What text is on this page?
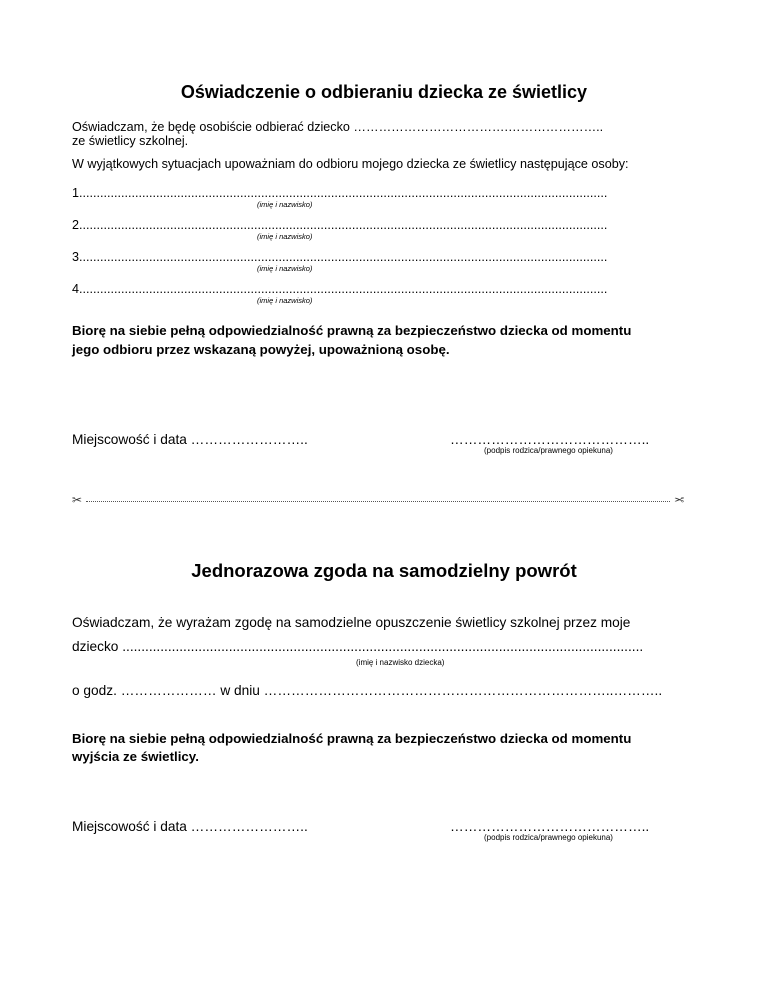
Oświadczenie o odbieraniu dziecka ze świetlicy
Oświadczam, że będę osobiście odbierać dziecko ……………………………….…………………..
ze świetlicy szkolnej.
W wyjątkowych sytuacjach upoważniam do odbioru mojego dziecka ze świetlicy następujące osoby:
1.......................................................................................................................................................
(imię i nazwisko)
2.......................................................................................................................................................
(imię i nazwisko)
3.......................................................................................................................................................
(imię i nazwisko)
4.......................................................................................................................................................
(imię i nazwisko)
Biorę na siebie pełną odpowiedzialność prawną za bezpieczeństwo dziecka od momentu
jego odbioru przez wskazaną powyżej, upoważnioną osobę.
Miejscowość i data ……………………..	……………………………………..
(podpis rodzica/prawnego opiekuna)
✂	✂
Jednorazowa zgoda na samodzielny powrót
Oświadczam, że wyrażam zgodę na samodzielne opuszczenie świetlicy szkolnej przez moje
dziecko .........................................................................................................................................
(imię i nazwisko dziecka)
o godz. ………………… w dniu …………………………………………………………………..………..
Biorę na siebie pełną odpowiedzialność prawną za bezpieczeństwo dziecka od momentu
wyjścia ze świetlicy.
Miejscowość i data ……………………..	……………………………………..
(podpis rodzica/prawnego opiekuna)
